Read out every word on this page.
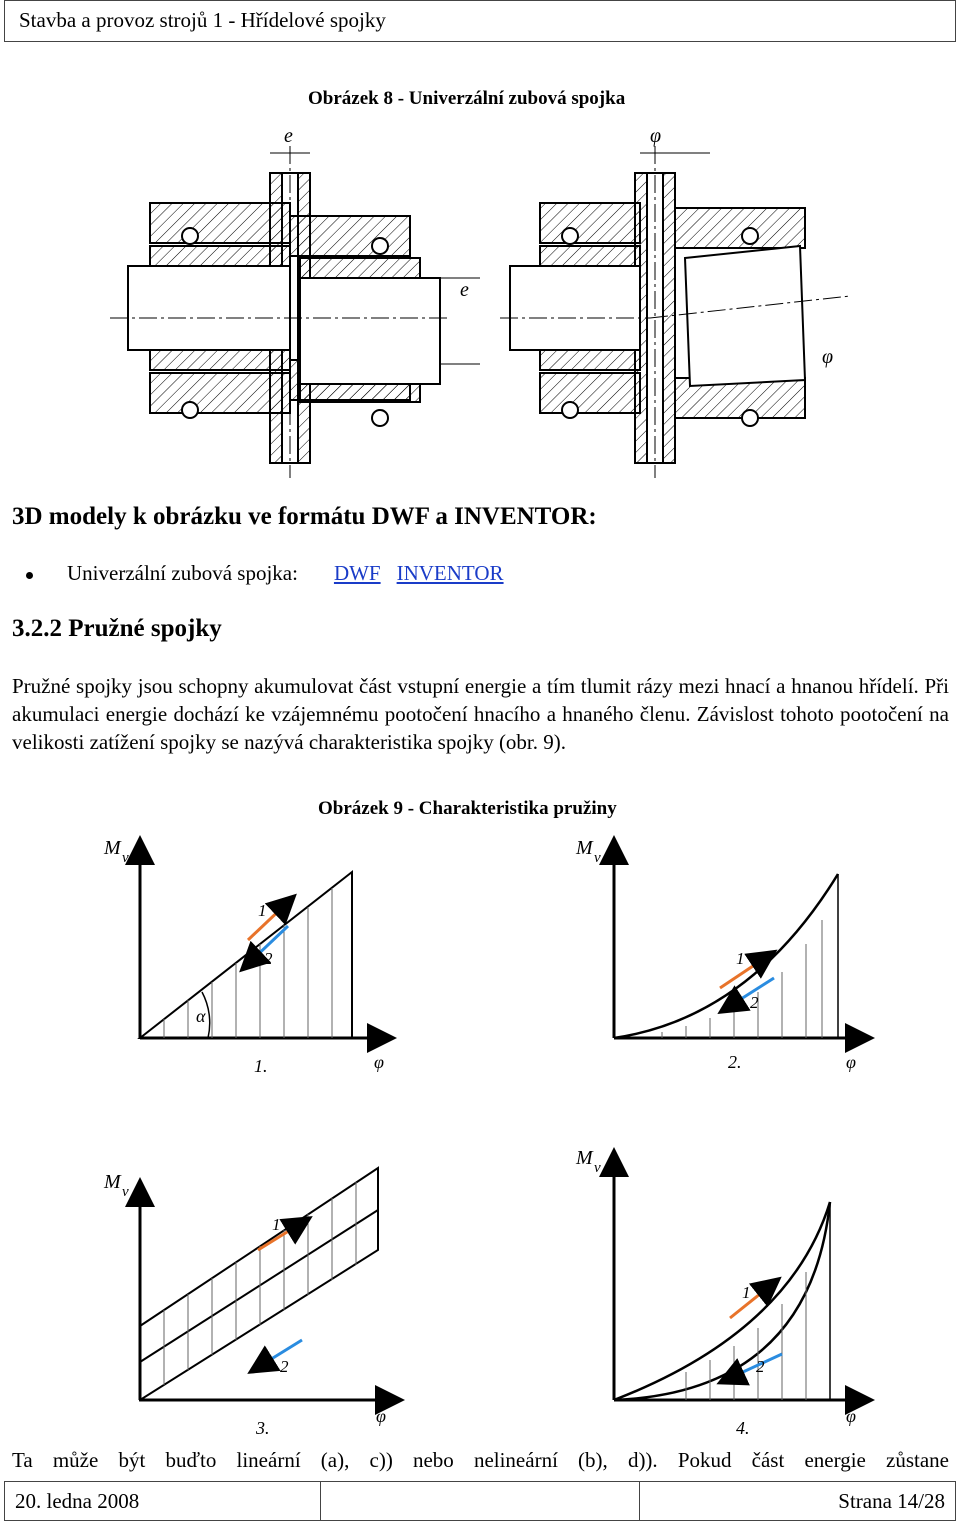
Stavba a provoz strojů 1 - Hřídelové spojky
Obrázek 8 - Univerzální zubová spojka
e
e
φ
φ
3D modely k obrázku ve formátu DWF a INVENTOR:
Univerzální zubová spojka: DWF INVENTOR
3.2.2 Pružné spojky
Pružné spojky jsou schopny akumulovat část vstupní energie a tím tlumit rázy mezi hnací a hnanou hřídelí. Při akumulaci energie dochází ke vzájemnému pootočení hnacího a hnaného členu. Závislost tohoto pootočení na velikosti zatížení spojky se nazývá charakteristika spojky (obr. 9).
Obrázek 9 - Charakteristika pružiny
M v
φ
α
1
2
1.
M v
φ
1
2
2.
M v
φ
1
2
3.
M v
φ
1
2
4.
Ta může být buďto lineární (a), c)) nebo nelineární (b), d)). Pokud část energie zůstane
20. ledna 2008	Strana 14/28
